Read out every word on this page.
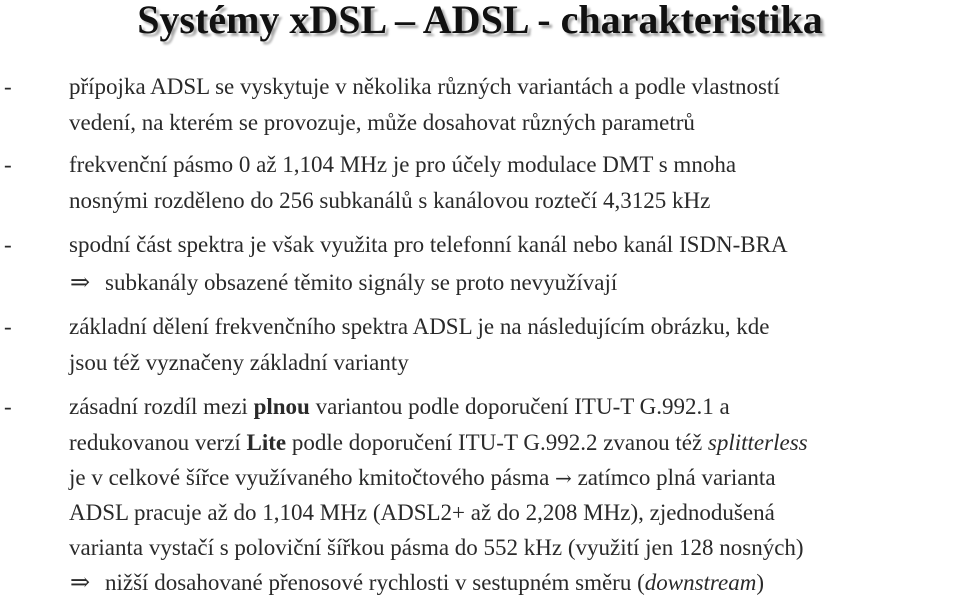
Systémy xDSL – ADSL - charakteristika
- přípojka ADSL se vyskytuje v několika různých variantách a podle vlastností
vedení, na kterém se provozuje, může dosahovat různých parametrů
- frekvenční pásmo 0 až 1,104 MHz je pro účely modulace DMT s mnoha
nosnými rozděleno do 256 subkanálů s kanálovou roztečí 4,3125 kHz
- spodní část spektra je však využita pro telefonní kanál nebo kanál ISDN-BRA
⇒ subkanály obsazené těmito signály se proto nevyužívají
- základní dělení frekvenčního spektra ADSL je na následujícím obrázku, kde
jsou též vyznačeny základní varianty
- zásadní rozdíl mezi plnou variantou podle doporučení ITU-T G.992.1 a
redukovanou verzí Lite podle doporučení ITU-T G.992.2 zvanou též splitterless
je v celkové šířce využívaného kmitočtového pásma → zatímco plná varianta
ADSL pracuje až do 1,104 MHz (ADSL2+ až do 2,208 MHz), zjednodušená
varianta vystačí s poloviční šířkou pásma do 552 kHz (využití jen 128 nosných)
⇒ nižší dosahované přenosové rychlosti v sestupném směru (downstream)
